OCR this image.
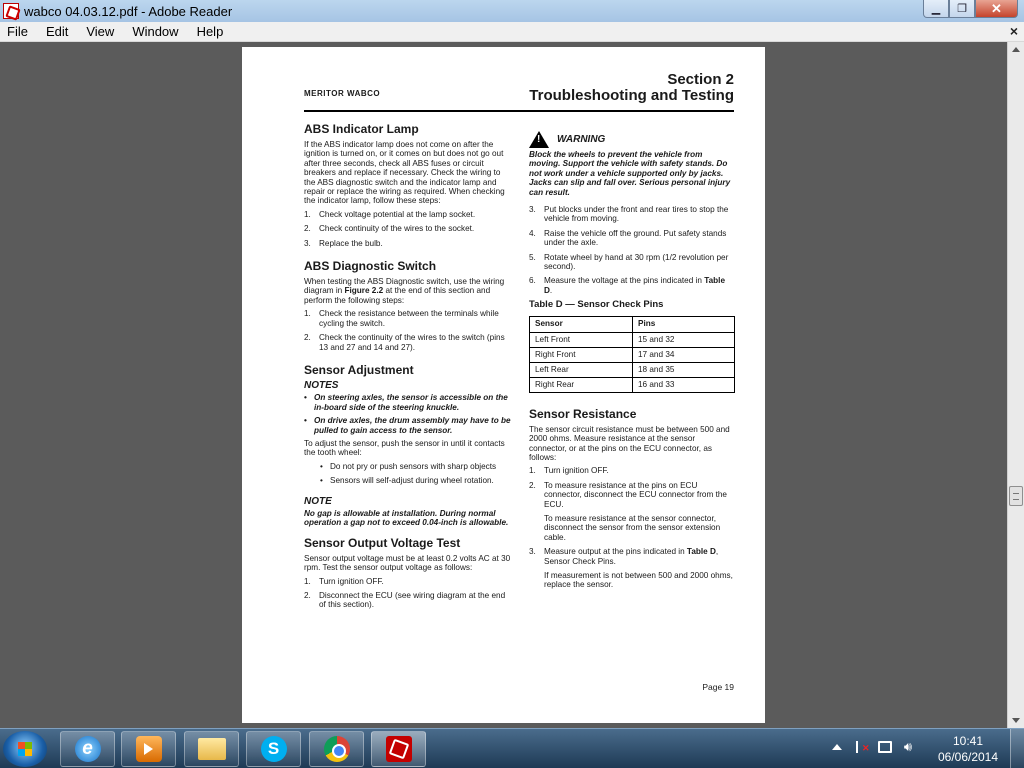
wabco 04.03.12.pdf - Adobe Reader	▁ ❐ ✕
File	Edit	View	Window	Help	×
MERITOR WABCO
Section 2
Troubleshooting and Testing
ABS Indicator Lamp
If the ABS indicator lamp does not come on after the ignition is turned on, or it comes on but does not go out after three seconds, check all ABS fuses or circuit breakers and replace if necessary. Check the wiring to the ABS diagnostic switch and the indicator lamp and repair or replace the wiring as required. When checking the indicator lamp, follow these steps:
1. Check voltage potential at the lamp socket.
2. Check continuity of the wires to the socket.
3. Replace the bulb.
ABS Diagnostic Switch
When testing the ABS Diagnostic switch, use the wiring diagram in Figure 2.2 at the end of this section and perform the following steps:
1. Check the resistance between the terminals while cycling the switch.
2. Check the continuity of the wires to the switch (pins 13 and 27 and 14 and 27).
Sensor Adjustment
NOTES
• On steering axles, the sensor is accessible on the in-board side of the steering knuckle.
• On drive axles, the drum assembly may have to be pulled to gain access to the sensor.
To adjust the sensor, push the sensor in until it contacts the tooth wheel:
• Do not pry or push sensors with sharp objects
• Sensors will self-adjust during wheel rotation.
NOTE
No gap is allowable at installation. During normal operation a gap not to exceed 0.04-inch is allowable.
Sensor Output Voltage Test
Sensor output voltage must be at least 0.2 volts AC at 30 rpm. Test the sensor output voltage as follows:
1. Turn ignition OFF.
2. Disconnect the ECU (see wiring diagram at the end of this section).
! WARNING
Block the wheels to prevent the vehicle from moving. Support the vehicle with safety stands. Do not work under a vehicle supported only by jacks. Jacks can slip and fall over. Serious personal injury can result.
3. Put blocks under the front and rear tires to stop the vehicle from moving.
4. Raise the vehicle off the ground. Put safety stands under the axle.
5. Rotate wheel by hand at 30 rpm (1/2 revolution per second).
6. Measure the voltage at the pins indicated in Table D.
Table D — Sensor Check Pins
Sensor	Pins
Left Front	15 and 32
Right Front	17 and 34
Left Rear	18 and 35
Right Rear	16 and 33
Sensor Resistance
The sensor circuit resistance must be between 500 and 2000 ohms. Measure resistance at the sensor connector, or at the pins on the ECU connector, as follows:
1. Turn ignition OFF.
2. To measure resistance at the pins on ECU connector, disconnect the ECU connector from the ECU.
To measure resistance at the sensor connector, disconnect the sensor from the sensor extension cable.
3. Measure output at the pins indicated in Table D, Sensor Check Pins.
If measurement is not between 500 and 2000 ohms, replace the sensor.
Page 19
e	S
✕	🔊︎	10:41
06/06/2014
